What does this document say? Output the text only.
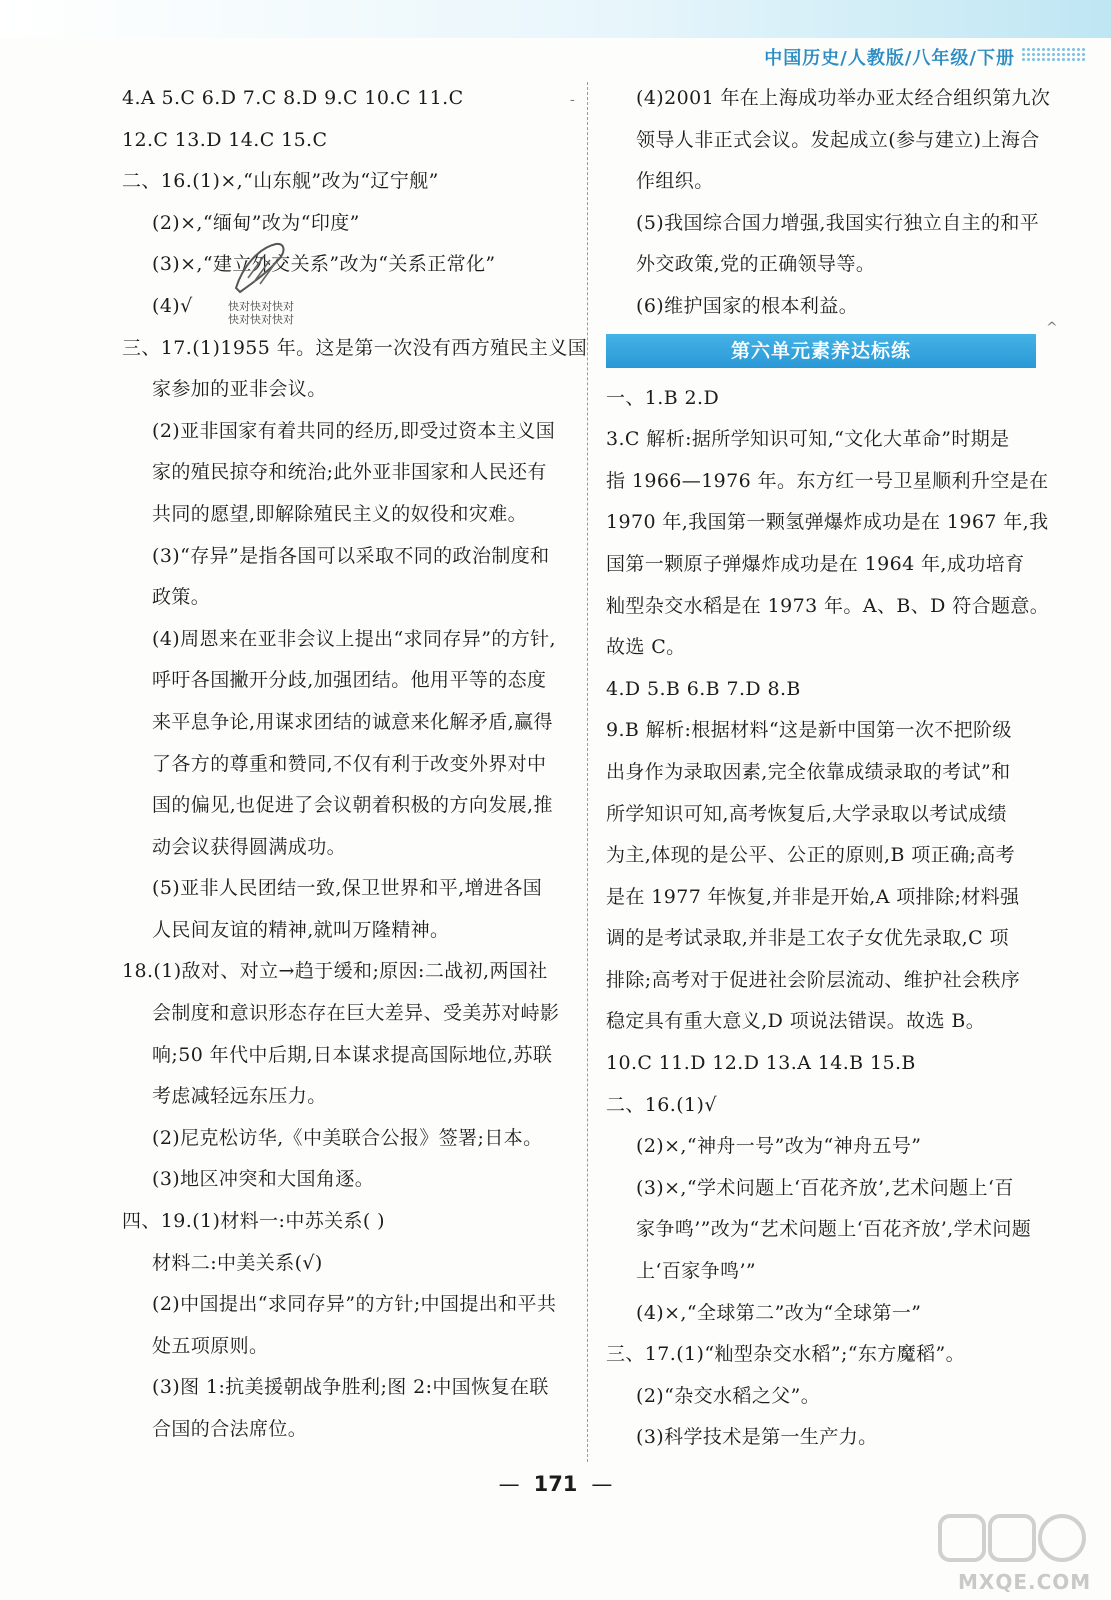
中国历史/人教版/八年级/下册
4.A 5.C 6.D 7.C 8.D 9.C 10.C 11.C
12.C 13.D 14.C 15.C
二、16.(1)×,“山东舰”改为“辽宁舰”
(2)×,“缅甸”改为“印度”
(3)×,“建立外交关系”改为“关系正常化”
(4)√
三、17.(1)1955 年。这是第一次没有西方殖民主义国
家参加的亚非会议。
(2)亚非国家有着共同的经历,即受过资本主义国
家的殖民掠夺和统治;此外亚非国家和人民还有
共同的愿望,即解除殖民主义的奴役和灾难。
(3)“存异”是指各国可以采取不同的政治制度和
政策。
(4)周恩来在亚非会议上提出“求同存异”的方针,
呼吁各国撇开分歧,加强团结。他用平等的态度
来平息争论,用谋求团结的诚意来化解矛盾,赢得
了各方的尊重和赞同,不仅有利于改变外界对中
国的偏见,也促进了会议朝着积极的方向发展,推
动会议获得圆满成功。
(5)亚非人民团结一致,保卫世界和平,增进各国
人民间友谊的精神,就叫万隆精神。
18.(1)敌对、对立→趋于缓和;原因:二战初,两国社
会制度和意识形态存在巨大差异、受美苏对峙影
响;50 年代中后期,日本谋求提高国际地位,苏联
考虑减轻远东压力。
(2)尼克松访华,《中美联合公报》签署;日本。
(3)地区冲突和大国角逐。
四、19.(1)材料一:中苏关系( )
材料二:中美关系(√)
(2)中国提出“求同存异”的方针;中国提出和平共
处五项原则。
(3)图 1:抗美援朝战争胜利;图 2:中国恢复在联
合国的合法席位。
(4)2001 年在上海成功举办亚太经合组织第九次
领导人非正式会议。发起成立(参与建立)上海合
作组织。
(5)我国综合国力增强,我国实行独立自主的和平
外交政策,党的正确领导等。
(6)维护国家的根本利益。
第六单元素养达标练
一、1.B 2.D
3.C 解析:据所学知识可知,“文化大革命”时期是
指 1966—1976 年。东方红一号卫星顺利升空是在
1970 年,我国第一颗氢弹爆炸成功是在 1967 年,我
国第一颗原子弹爆炸成功是在 1964 年,成功培育
籼型杂交水稻是在 1973 年。A、B、D 符合题意。
故选 C。
4.D 5.B 6.B 7.D 8.B
9.B 解析:根据材料“这是新中国第一次不把阶级
出身作为录取因素,完全依靠成绩录取的考试”和
所学知识可知,高考恢复后,大学录取以考试成绩
为主,体现的是公平、公正的原则,B 项正确;高考
是在 1977 年恢复,并非是开始,A 项排除;材料强
调的是考试录取,并非是工农子女优先录取,C 项
排除;高考对于促进社会阶层流动、维护社会秩序
稳定具有重大意义,D 项说法错误。故选 B。
10.C 11.D 12.D 13.A 14.B 15.B
二、16.(1)√
(2)×,“神舟一号”改为“神舟五号”
(3)×,“学术问题上‘百花齐放’,艺术问题上‘百
家争鸣’”改为“艺术问题上‘百花齐放’,学术问题
上‘百家争鸣’”
(4)×,“全球第二”改为“全球第一”
三、17.(1)“籼型杂交水稻”;“东方魔稻”。
(2)“杂交水稻之父”。
(3)科学技术是第一生产力。
快对快对快对
快对快对快对
‐
^
— 171 —
MXQE.COM
